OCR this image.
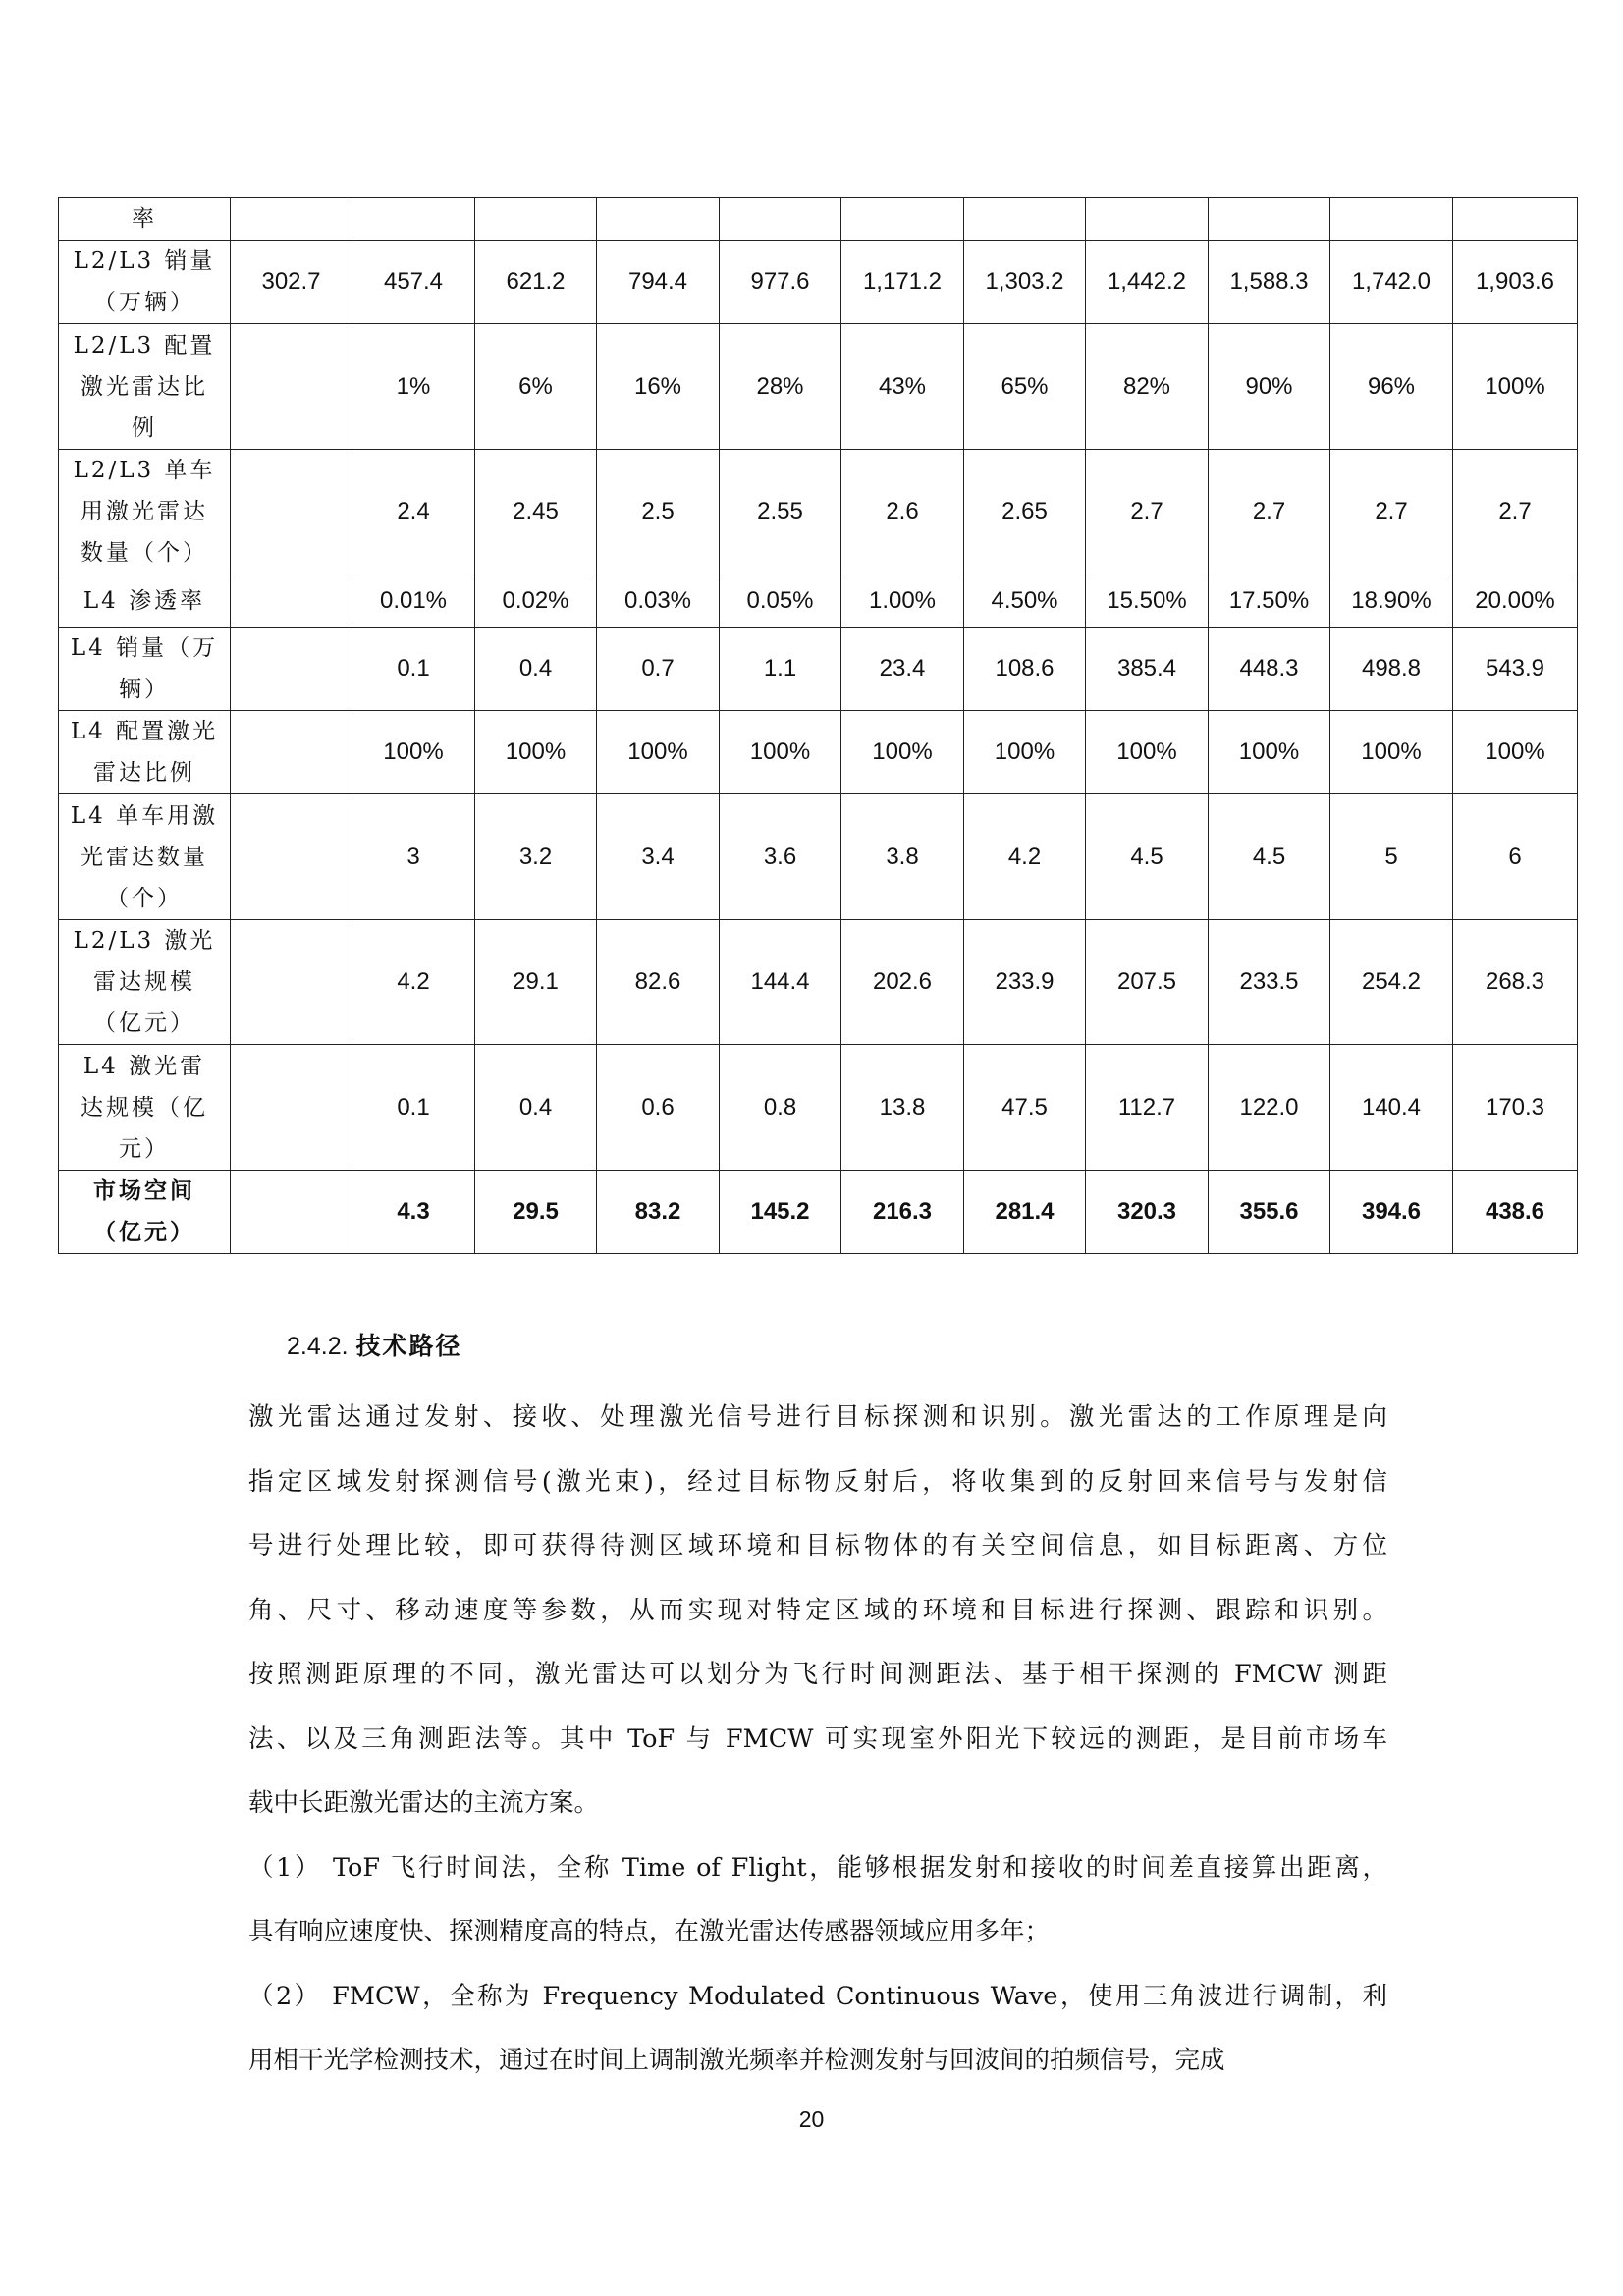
率											
L2/L3 销量
（万辆）	302.7	457.4	621.2	794.4	977.6	1,171.2	1,303.2	1,442.2	1,588.3	1,742.0	1,903.6
L2/L3 配置
激光雷达比
例		1%	6%	16%	28%	43%	65%	82%	90%	96%	100%
L2/L3 单车
用激光雷达
数量（个）		2.4	2.45	2.5	2.55	2.6	2.65	2.7	2.7	2.7	2.7
L4 渗透率		0.01%	0.02%	0.03%	0.05%	1.00%	4.50%	15.50%	17.50%	18.90%	20.00%
L4 销量（万
辆）		0.1	0.4	0.7	1.1	23.4	108.6	385.4	448.3	498.8	543.9
L4 配置激光
雷达比例		100%	100%	100%	100%	100%	100%	100%	100%	100%	100%
L4 单车用激
光雷达数量
（个）		3	3.2	3.4	3.6	3.8	4.2	4.5	4.5	5	6
L2/L3 激光
雷达规模
（亿元）		4.2	29.1	82.6	144.4	202.6	233.9	207.5	233.5	254.2	268.3
L4 激光雷
达规模（亿
元）		0.1	0.4	0.6	0.8	13.8	47.5	112.7	122.0	140.4	170.3
市场空间
（亿元）		4.3	29.5	83.2	145.2	216.3	281.4	320.3	355.6	394.6	438.6
2.4.2. 技术路径
激光雷达通过发射、接收、处理激光信号进行目标探测和识别。激光雷达的工作原理是向
指定区域发射探测信号(激光束)，经过目标物反射后，将收集到的反射回来信号与发射信
号进行处理比较，即可获得待测区域环境和目标物体的有关空间信息，如目标距离、方位
角、尺寸、移动速度等参数，从而实现对特定区域的环境和目标进行探测、跟踪和识别。
按照测距原理的不同，激光雷达可以划分为飞行时间测距法、基于相干探测的 FMCW 测距
法、以及三角测距法等。其中 ToF 与 FMCW 可实现室外阳光下较远的测距，是目前市场车
载中长距激光雷达的主流方案。
（1） ToF 飞行时间法，全称 Time of Flight，能够根据发射和接收的时间差直接算出距离，
具有响应速度快、探测精度高的特点，在激光雷达传感器领域应用多年；
（2） FMCW，全称为 Frequency Modulated Continuous Wave，使用三角波进行调制，利
用相干光学检测技术，通过在时间上调制激光频率并检测发射与回波间的拍频信号，完成
20
